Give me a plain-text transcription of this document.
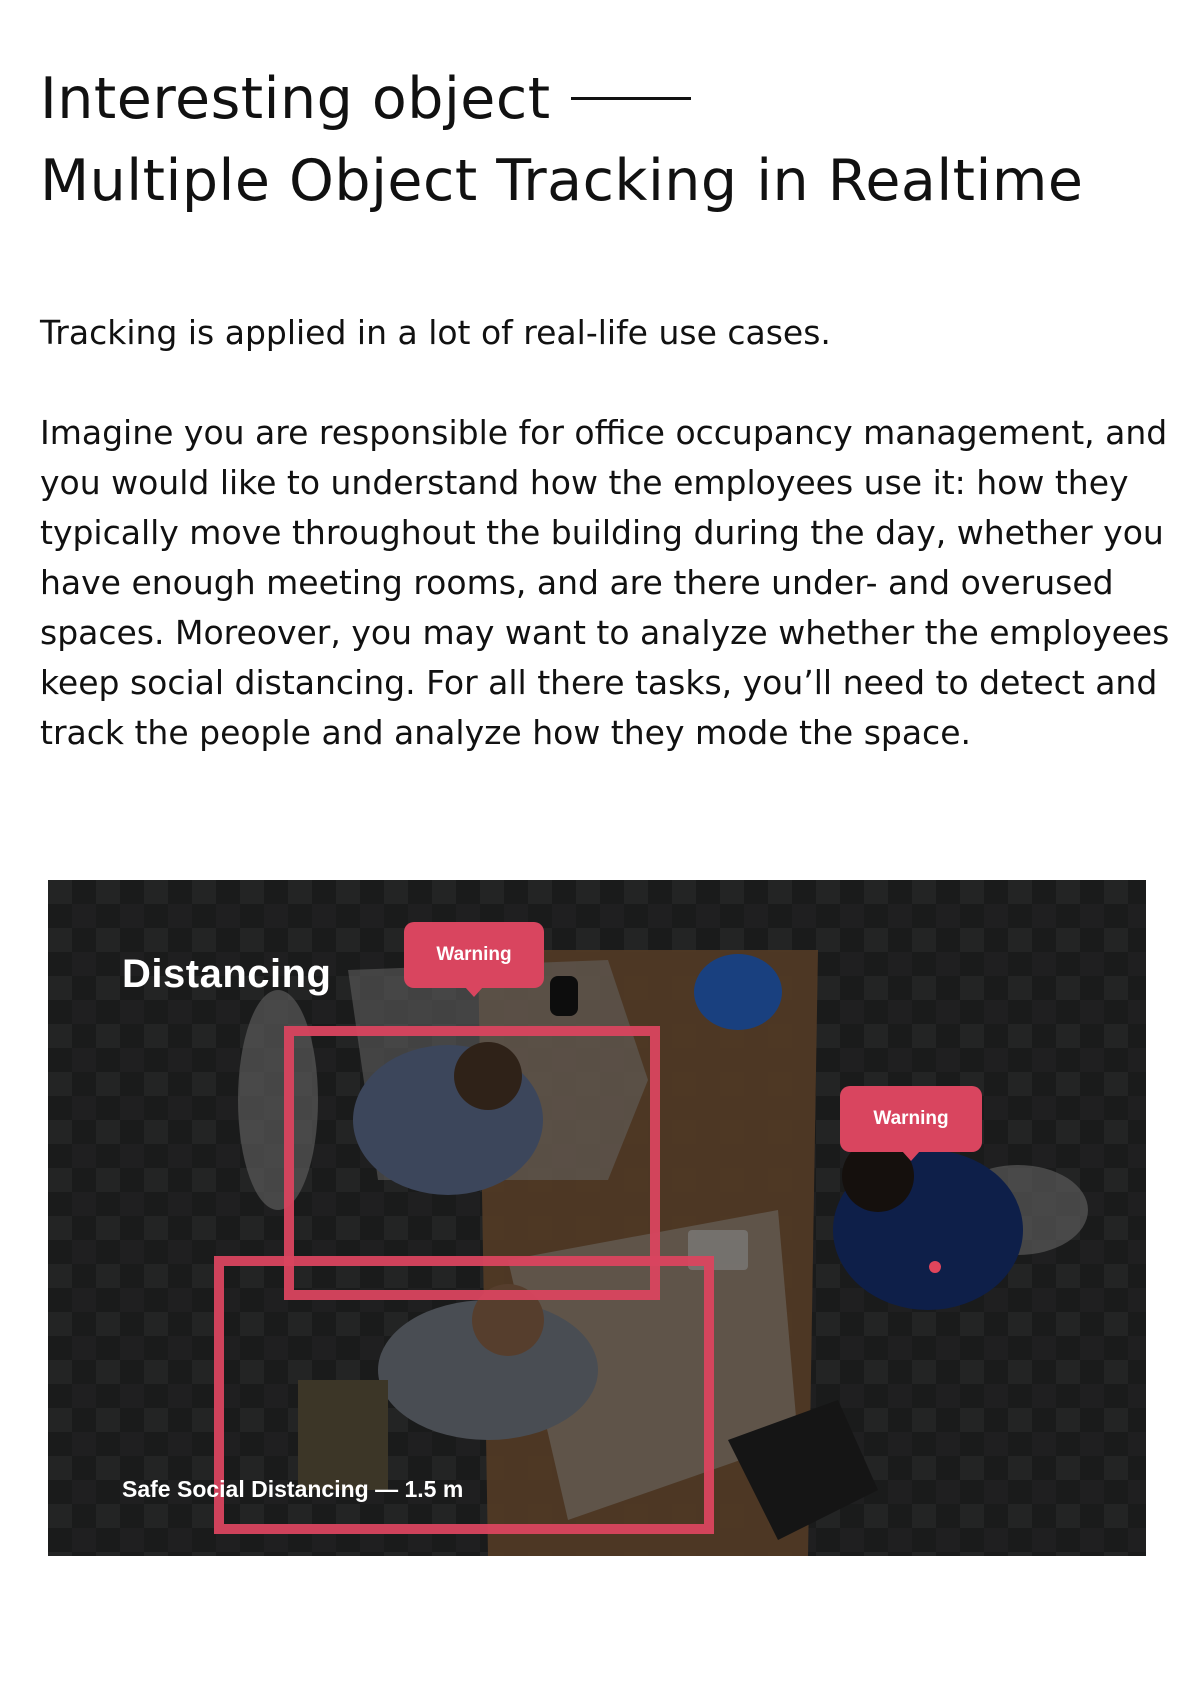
Interesting object
Multiple Object Tracking in Realtime

Tracking is applied in a lot of real-life use cases.

Imagine you are responsible for office occupancy management, and you would like to understand how the employees use it: how they typically move throughout the building during the day, whether you have enough meeting rooms, and are there under- and overused spaces. Moreover, you may want to analyze whether the employees keep social distancing. For all there tasks, you’ll need to detect and track the people and analyze how they mode the space.

Distancing	Warning
Warning

Safe Social Distancing — 1.5 m
